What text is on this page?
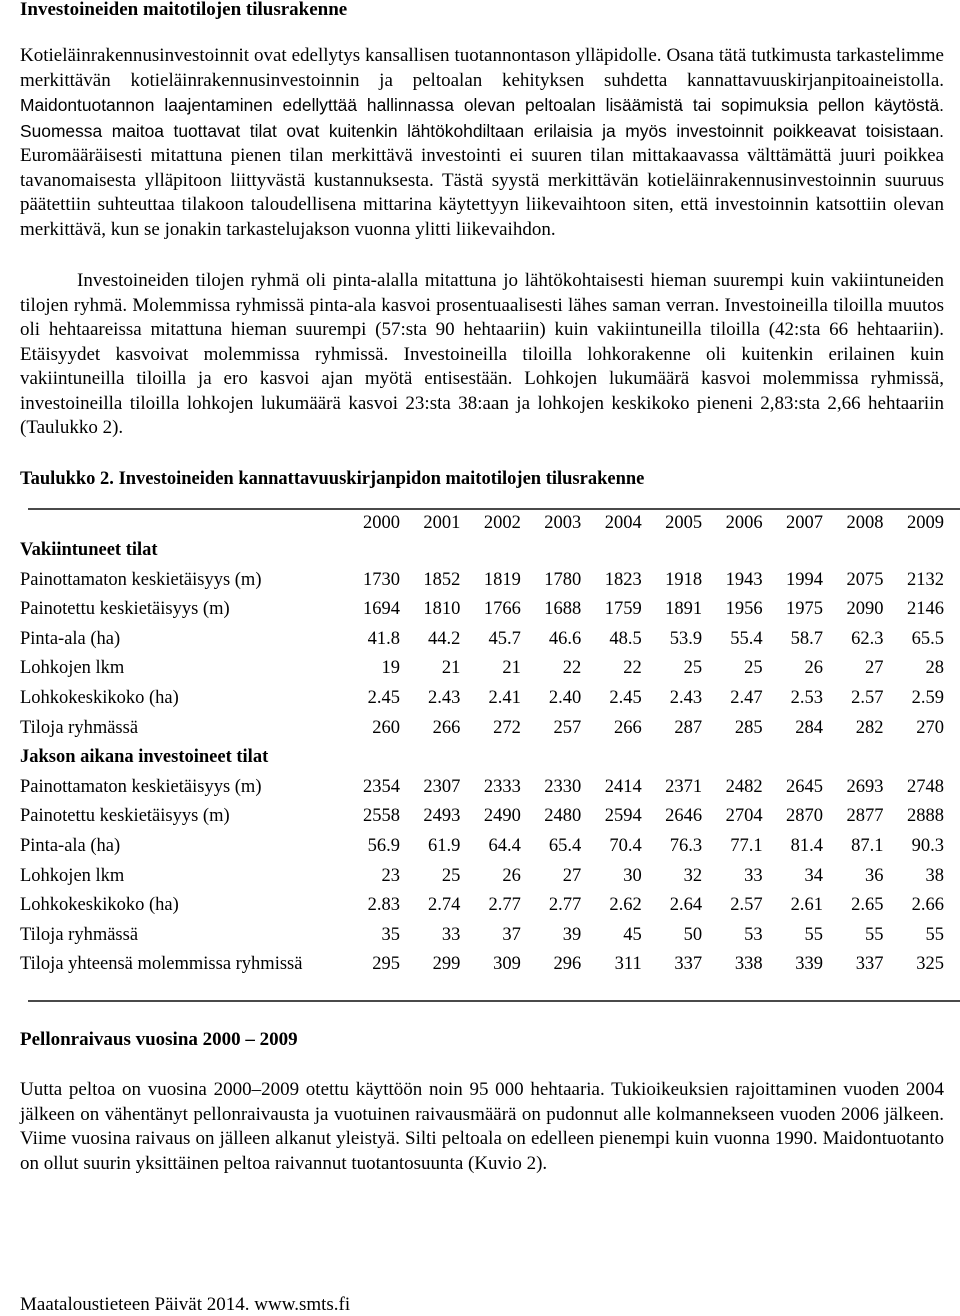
Investoineiden maitotilojen tilusrakenne

Kotieläinrakennusinvestoinnit ovat edellytys kansallisen tuotannontason ylläpidolle. Osana tätä tutkimusta tarkastelimme merkittävän kotieläinrakennusinvestoinnin ja peltoalan kehityksen suhdetta kannattavuuskirjanpitoaineistolla. Maidontuotannon laajentaminen edellyttää hallinnassa olevan peltoalan lisäämistä tai sopimuksia pellon käytöstä. Suomessa maitoa tuottavat tilat ovat kuitenkin lähtökohdiltaan erilaisia ja myös investoinnit poikkeavat toisistaan. Euromääräisesti mitattuna pienen tilan merkittävä investointi ei suuren tilan mittakaavassa välttämättä juuri poikkea tavanomaisesta ylläpitoon liittyvästä kustannuksesta. Tästä syystä merkittävän kotieläinrakennusinvestoinnin suuruus päätettiin suhteuttaa tilakoon taloudellisena mittarina käytettyyn liikevaihtoon siten, että investoinnin katsottiin olevan merkittävä, kun se jonakin tarkastelujakson vuonna ylitti liikevaihdon.

Investoineiden tilojen ryhmä oli pinta-alalla mitattuna jo lähtökohtaisesti hieman suurempi kuin vakiintuneiden tilojen ryhmä. Molemmissa ryhmissä pinta-ala kasvoi prosentuaalisesti lähes saman verran. Investoineilla tiloilla muutos oli hehtaareissa mitattuna hieman suurempi (57:sta 90 hehtaariin) kuin vakiintuneilla tiloilla (42:sta 66 hehtaariin). Etäisyydet kasvoivat molemmissa ryhmissä. Investoineilla tiloilla lohkorakenne oli kuitenkin erilainen kuin vakiintuneilla tiloilla ja ero kasvoi ajan myötä entisestään. Lohkojen lukumäärä kasvoi molemmissa ryhmissä, investoineilla tiloilla lohkojen lukumäärä kasvoi 23:sta 38:aan ja lohkojen keskikoko pieneni 2,83:sta 2,66 hehtaariin (Taulukko 2).

Taulukko 2. Investoineiden kannattavuuskirjanpidon maitotilojen tilusrakenne
	2000	2001	2002	2003	2004	2005	2006	2007	2008	2009
Vakiintuneet tilat										
Painottamaton keskietäisyys (m)	1730	1852	1819	1780	1823	1918	1943	1994	2075	2132
Painotettu keskietäisyys (m)	1694	1810	1766	1688	1759	1891	1956	1975	2090	2146
Pinta-ala (ha)	41.8	44.2	45.7	46.6	48.5	53.9	55.4	58.7	62.3	65.5
Lohkojen lkm	19	21	21	22	22	25	25	26	27	28
Lohkokeskikoko (ha)	2.45	2.43	2.41	2.40	2.45	2.43	2.47	2.53	2.57	2.59
Tiloja ryhmässä	260	266	272	257	266	287	285	284	282	270
Jakson aikana investoineet tilat										
Painottamaton keskietäisyys (m)	2354	2307	2333	2330	2414	2371	2482	2645	2693	2748
Painotettu keskietäisyys (m)	2558	2493	2490	2480	2594	2646	2704	2870	2877	2888
Pinta-ala (ha)	56.9	61.9	64.4	65.4	70.4	76.3	77.1	81.4	87.1	90.3
Lohkojen lkm	23	25	26	27	30	32	33	34	36	38
Lohkokeskikoko (ha)	2.83	2.74	2.77	2.77	2.62	2.64	2.57	2.61	2.65	2.66
Tiloja ryhmässä	35	33	37	39	45	50	53	55	55	55
Tiloja yhteensä molemmissa ryhmissä	295	299	309	296	311	337	338	339	337	325
Pellonraivaus vuosina 2000 – 2009

Uutta peltoa on vuosina 2000–2009 otettu käyttöön noin 95 000 hehtaaria. Tukioikeuksien rajoittaminen vuoden 2004 jälkeen on vähentänyt pellonraivausta ja vuotuinen raivausmäärä on pudonnut alle kolmannekseen vuoden 2006 jälkeen. Viime vuosina raivaus on jälleen alkanut yleistyä. Silti peltoala on edelleen pienempi kuin vuonna 1990. Maidontuotanto on ollut suurin yksittäinen peltoa raivannut tuotantosuunta (Kuvio 2).

Maataloustieteen Päivät 2014. www.smts.fi
